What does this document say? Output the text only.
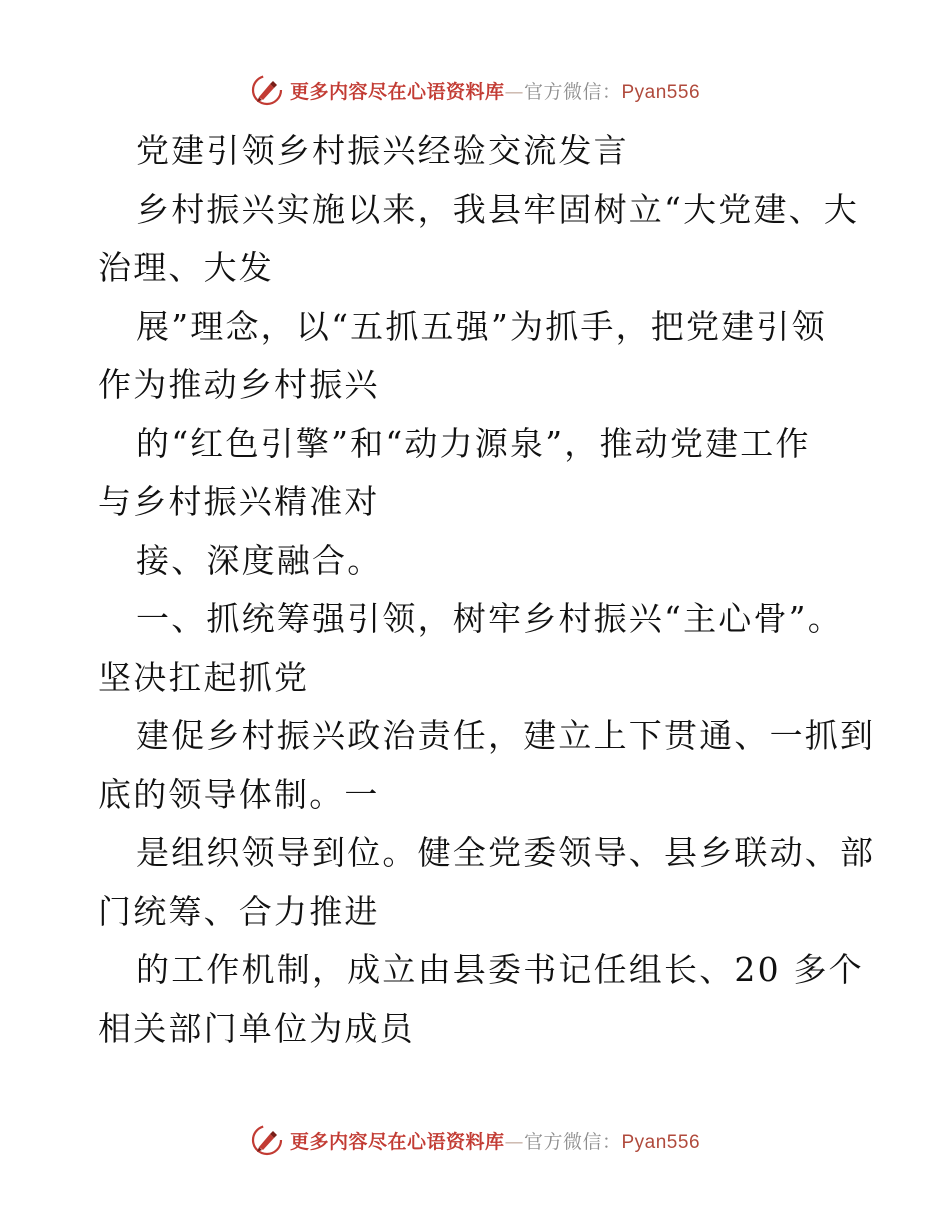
更多内容尽在心语资料库—官方微信：Pyan556
党建引领乡村振兴经验交流发言
乡村振兴实施以来，我县牢固树立“大党建、大
治理、大发
展”理念，以“五抓五强”为抓手，把党建引领
作为推动乡村振兴
的“红色引擎”和“动力源泉”，推动党建工作
与乡村振兴精准对
接、深度融合。
一、抓统筹强引领，树牢乡村振兴“主心骨”。
坚决扛起抓党
建促乡村振兴政治责任，建立上下贯通、一抓到
底的领导体制。一
是组织领导到位。健全党委领导、县乡联动、部
门统筹、合力推进
的工作机制，成立由县委书记任组长、20 多个
相关部门单位为成员
更多内容尽在心语资料库—官方微信：Pyan556
